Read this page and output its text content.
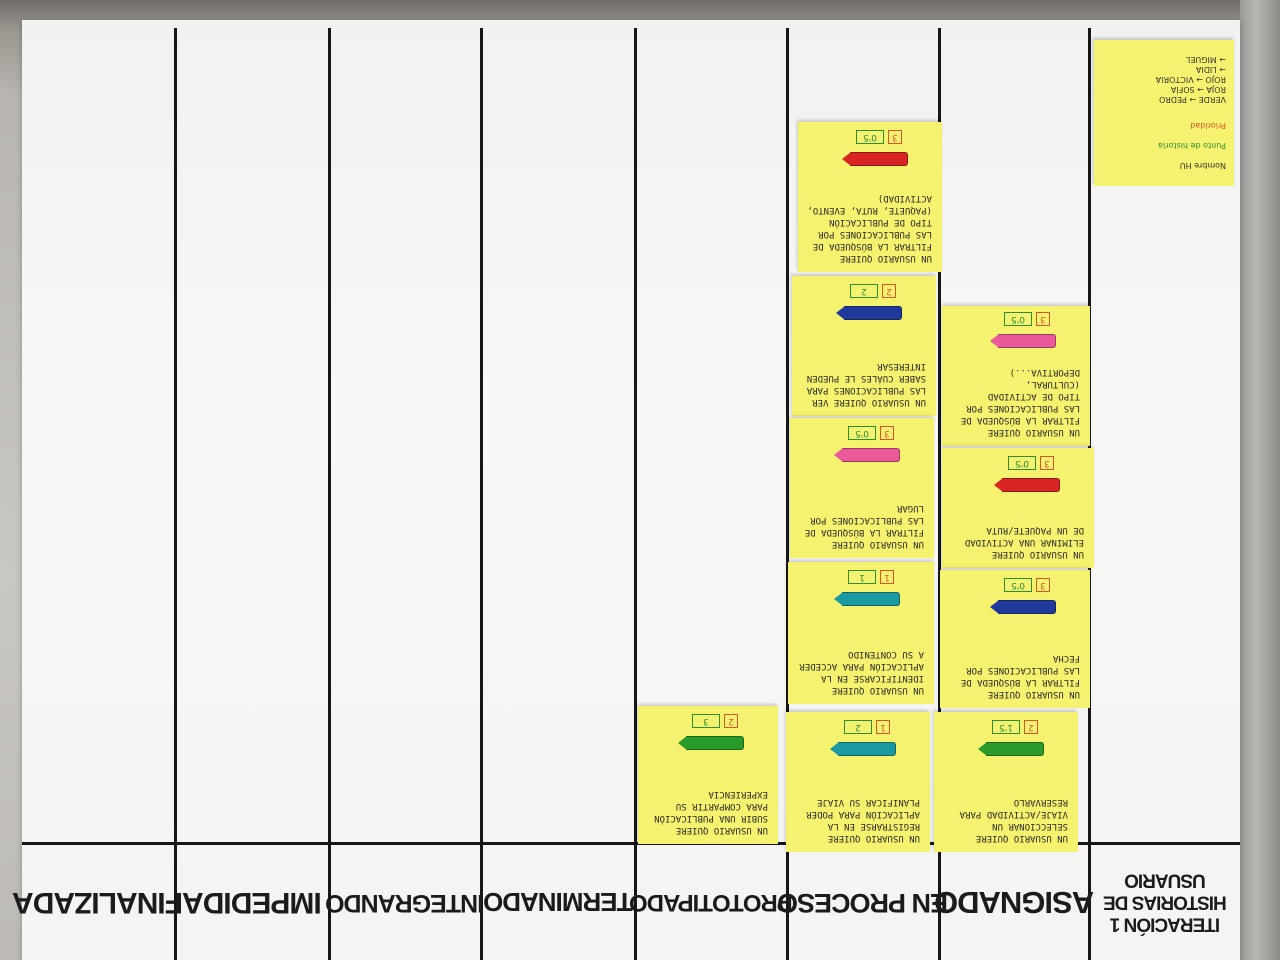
ITERACIÓN 1
HISTORIAS DE
USUARIO
ASIGNADO
EN PROCESO
PROTOTIPADO
TERMINADO
INTEGRANDO
IMPEDIDA
FINALIZADA

Nombre HU

Punto de historia

Prioridad

VERDE → PEDRO
ROJA → SOFÍA
ROJO → VICTORIA
→ LIDIA
→ MIGUEL
UN USUARIO QUIERE FILTRAR LA BÚSQUEDA DE LAS PUBLICACIONES POR TIPO DE ACTIVIDAD (CULTURAL, DEPORTIVA...)
3
0'5
UN USUARIO QUIERE ELIMINAR UNA ACTIVIDAD DE UN PAQUETE/RUTA
3
0'5
UN USUARIO QUIERE FILTRAR LA BÚSQUEDA DE LAS PUBLICACIONES POR FECHA
3
0'5
UN USUARIO QUIERE SELECCIONAR UN VIAJE/ACTIVIDAD PARA RESERVARLO
2
1'5
UN USUARIO QUIERE FILTRAR LA BÚSQUEDA DE LAS PUBLICACIONES POR TIPO DE PUBLICACIÓN (PAQUETE, RUTA, EVENTO, ACTIVIDAD)
3
0'5
UN USUARIO QUIERE VER LAS PUBLICACIONES PARA SABER CUÁLES LE PUEDEN INTERESAR
2
2
UN USUARIO QUIERE FILTRAR LA BÚSQUEDA DE LAS PUBLICACIONES POR LUGAR
3
0'5
UN USUARIO QUIERE IDENTIFICARSE EN LA APLICACIÓN PARA ACCEDER A SU CONTENIDO
1
1
UN USUARIO QUIERE REGISTRARSE EN LA APLICACIÓN PARA PODER PLANIFICAR SU VIAJE
1
2
UN USUARIO QUIERE SUBIR UNA PUBLICACIÓN PARA COMPARTIR SU EXPERIENCIA
2
3
